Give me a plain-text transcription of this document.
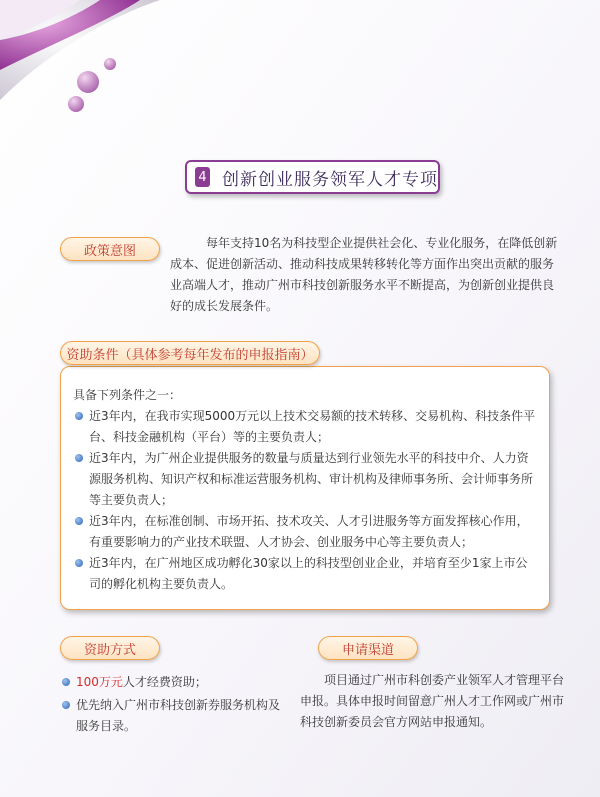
4 创新创业服务领军人才专项
政策意图
每年支持10名为科技型企业提供社会化、专业化服务，在降低创新成本、促进创新活动、推动科技成果转移转化等方面作出突出贡献的服务业高端人才，推动广州市科技创新服务水平不断提高，为创新创业提供良好的成长发展条件。
具备下列条件之一：
近3年内，在我市实现5000万元以上技术交易额的技术转移、交易机构、科技条件平台、科技金融机构（平台）等的主要负责人；
近3年内，为广州企业提供服务的数量与质量达到行业领先水平的科技中介、人力资源服务机构、知识产权和标准运营服务机构、审计机构及律师事务所、会计师事务所等主要负责人；
近3年内，在标准创制、市场开拓、技术攻关、人才引进服务等方面发挥核心作用，有重要影响力的产业技术联盟、人才协会、创业服务中心等主要负责人；
近3年内，在广州地区成功孵化30家以上的科技型创业企业，并培育至少1家上市公司的孵化机构主要负责人。
资助条件（具体参考每年发布的申报指南）
资助方式
100万元人才经费资助；
优先纳入广州市科技创新券服务机构及服务目录。
申请渠道
项目通过广州市科创委产业领军人才管理平台申报。具体申报时间留意广州人才工作网或广州市科技创新委员会官方网站申报通知。
